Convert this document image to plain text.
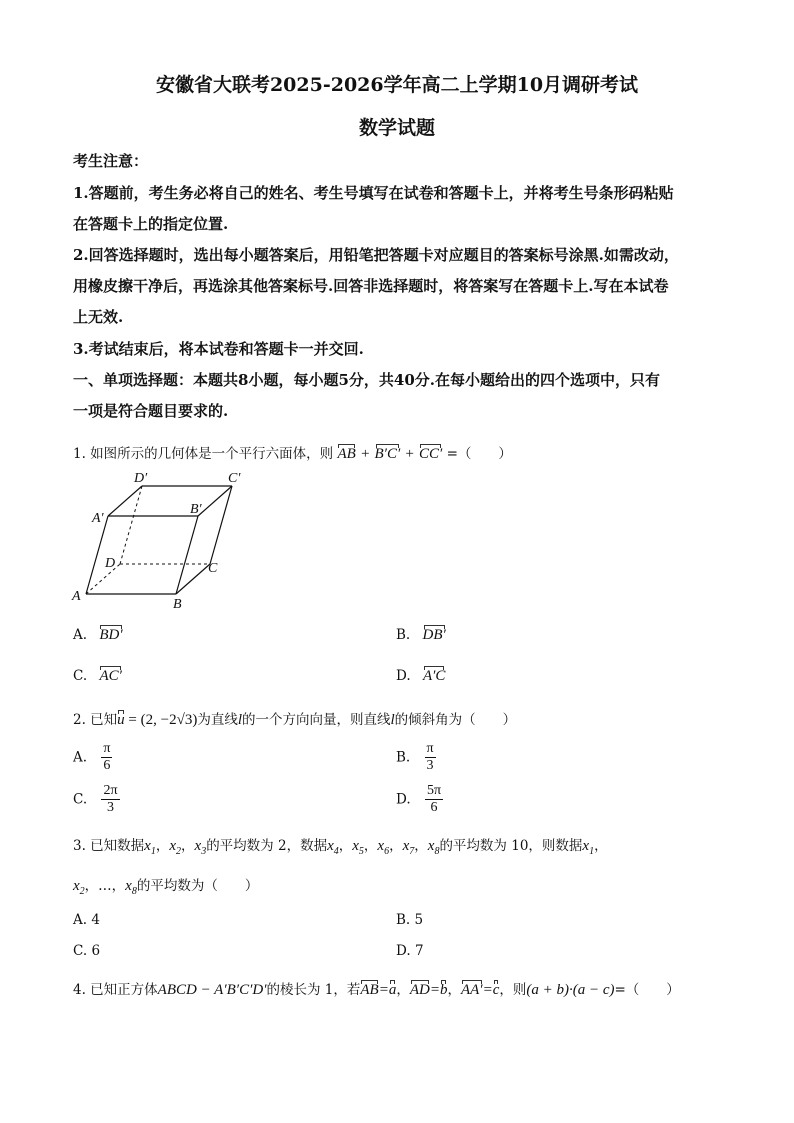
安徽省大联考2025-2026学年高二上学期10月调研考试
数学试题
考生注意：
1.答题前，考生务必将自己的姓名、考生号填写在试卷和答题卡上，并将考生号条形码粘贴
在答题卡上的指定位置.
2.回答选择题时，选出每小题答案后，用铅笔把答题卡对应题目的答案标号涂黑.如需改动，
用橡皮擦干净后，再选涂其他答案标号.回答非选择题时，将答案写在答题卡上.写在本试卷
上无效.
3.考试结束后，将本试卷和答题卡一并交回.
一、单项选择题：本题共8小题，每小题5分，共40分.在每小题给出的四个选项中，只有
一项是符合题目要求的.
1. 如图所示的几何体是一个平行六面体，则 AB + B′C′ + CC′ =（　　）
A
B
C
D
A′
B′
C′
D′
A. BD′	B. DB′
C. AC′	D. A′C
2. 已知u = (2, −2√3)为直线l的一个方向向量，则直线l的倾斜角为（　　）
A. $\frac{\pi}{6}$	B. $\frac{\pi}{3}$
C. $\frac{2\pi}{3}$	D. $\frac{5\pi}{6}$
3. 已知数据$x_1$，$x_2$，$x_3$的平均数为 2，数据$x_4$，$x_5$，$x_6$，$x_7$，$x_8$的平均数为 10，则数据$x_1$，
$x_2$，…，$x_8$的平均数为（　　）
A. 4	B. 5
C. 6	D. 7
4. 已知正方体ABCD − A′B′C′D′的棱长为 1，若AB=a，AD=b，AA′=c，则(a + b)·(a − c)=（　　）
